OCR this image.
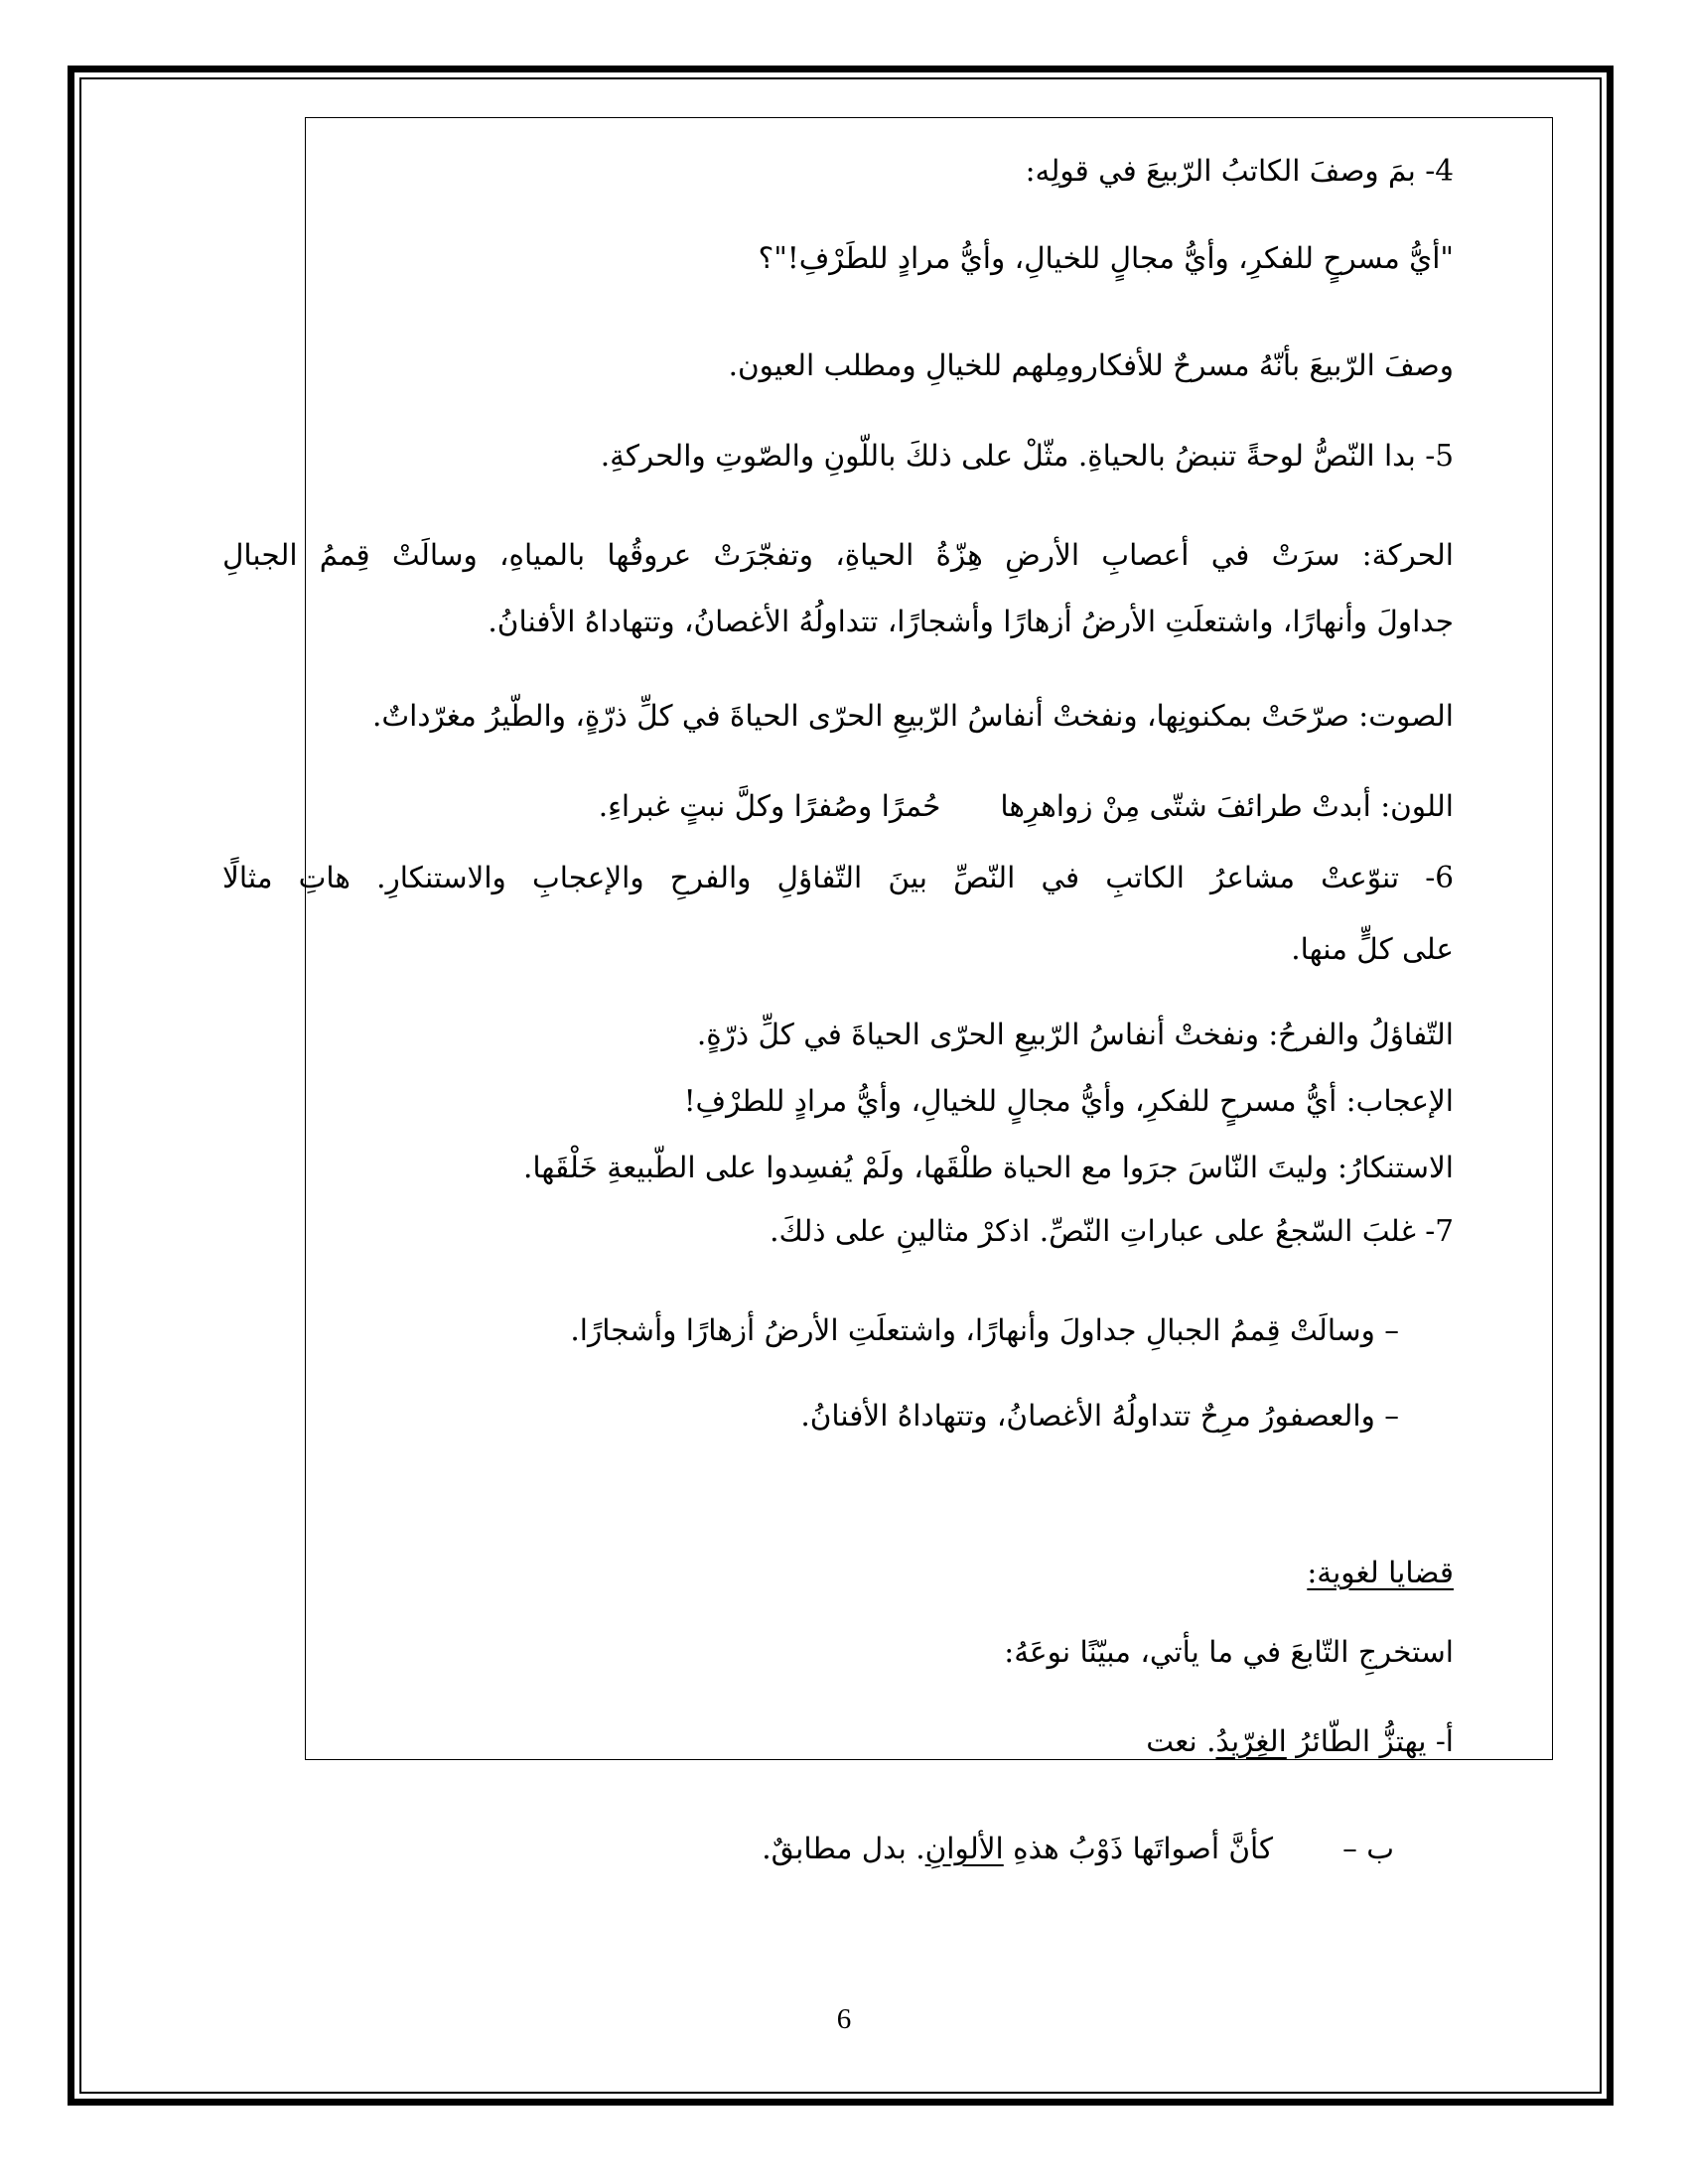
4- بمَ وصفَ الكاتبُ الرّبيعَ في قولِه:
"أيُّ مسرحٍ للفكرِ، وأيُّ مجالٍ للخيالِ، وأيُّ مرادٍ للطَرْفِ!"؟
وصفَ الرّبيعَ بأنّهُ مسرحٌ للأفكارومِلهم للخيالِ ومطلب العيون.
5- بدا النّصُّ لوحةً تنبضُ بالحياةِ. مثّلْ على ذلكَ باللّونِ والصّوتِ والحركةِ.
الحركة: سرَتْ في أعصابِ الأرضِ هِزّةُ الحياةِ، وتفجّرَتْ عروقُها بالمياهِ، وسالَتْ قِممُ الجبالِ
جداولَ وأنهارًا، واشتعلَتِ الأرضُ أزهارًا وأشجارًا، تتداولُهُ الأغصانُ، وتتهاداهُ الأفنانُ.
الصوت: صرّحَتْ بمكنونِها، ونفختْ أنفاسُ الرّبيعِ الحرّى الحياةَ في كلِّ ذرّةٍ، والطّيرُ مغرّداتٌ.
اللون: أبدتْ طرائفَ شتّى مِنْ زواهرِهاحُمرًا وصُفرًا وكلَّ نبتٍ غبراءِ.
6- تنوّعتْ مشاعرُ الكاتبِ في النّصِّ بينَ التّفاؤلِ والفرحِ والإعجابِ والاستنكارِ. هاتِ مثالًا
على كلٍّ منها.
التّفاؤلُ والفرحُ: ونفختْ أنفاسُ الرّبيعِ الحرّى الحياةَ في كلِّ ذرّةٍ.
الإعجاب: أيُّ مسرحٍ للفكرِ، وأيُّ مجالٍ للخيالِ، وأيُّ مرادٍ للطرْفِ!
الاستنكارُ: وليتَ النّاسَ جرَوا مع الحياة طلْقَها، ولَمْ يُفسِدوا على الطّبيعةِ خَلْقَها.
7- غلبَ السّجعُ على عباراتِ النّصِّ. اذكرْ مثالينِ على ذلكَ.
– وسالَتْ قِممُ الجبالِ جداولَ وأنهارًا، واشتعلَتِ الأرضُ أزهارًا وأشجارًا.
– والعصفورُ مرِحٌ تتداولُهُ الأغصانُ، وتتهاداهُ الأفنانُ.
قضايا لغوية:
استخرجِ التّابعَ في ما يأتي، مبيّنًا نوعَهُ:
أ- يهتزُّ الطّائرُ الغِرّيدُ. نعت
ب –كأنَّ أصواتَها ذَوْبُ هذهِ الألوانِ. بدل مطابقٌ.
6
